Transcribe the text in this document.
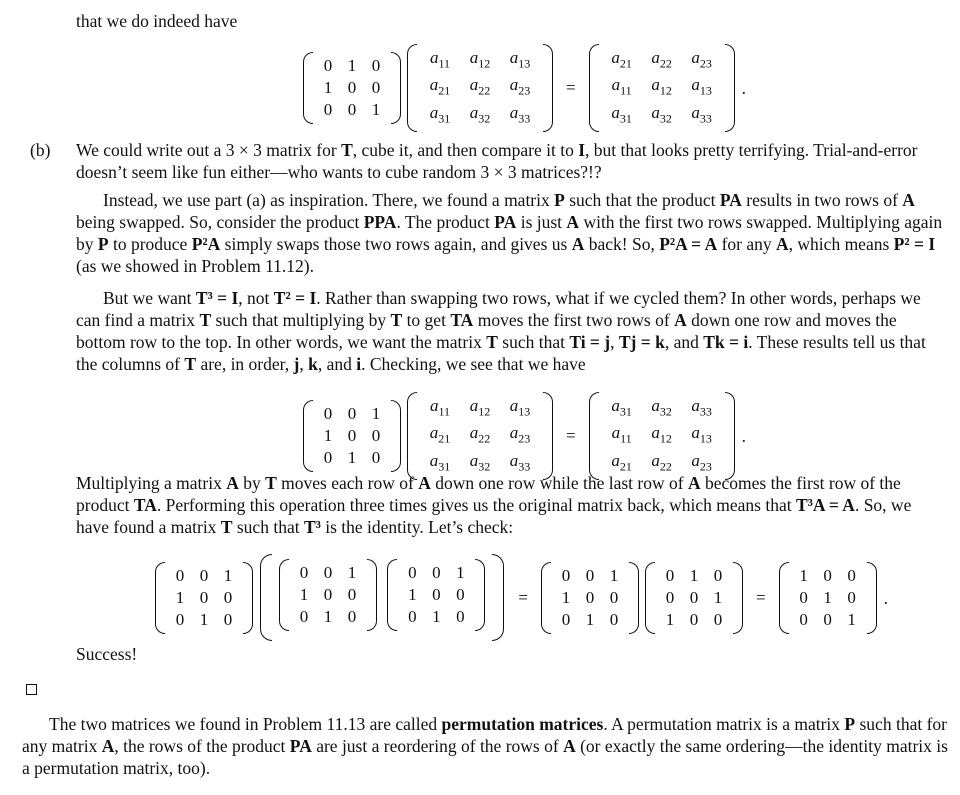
that we do indeed have

0	1	0
1	0	0
0	0	1
$a_{11}$	$a_{12}$	$a_{13}$
$a_{21}$	$a_{22}$	$a_{23}$
$a_{31}$	$a_{32}$	$a_{33}$
=
$a_{21}$	$a_{22}$	$a_{23}$
$a_{11}$	$a_{12}$	$a_{13}$
$a_{31}$	$a_{32}$	$a_{33}$
.
(b) We could write out a 3 × 3 matrix for T, cube it, and then compare it to I, but that looks pretty terrifying. Trial-and-error doesn’t seem like fun either—who wants to cube random 3 × 3 matrices?!?

Instead, we use part (a) as inspiration. There, we found a matrix P such that the product PA results in two rows of A being swapped. So, consider the product PPA. The product PA is just A with the first two rows swapped. Multiplying again by P to produce P²A simply swaps those two rows again, and gives us A back! So, P²A = A for any A, which means P² = I (as we showed in Problem 11.12).

But we want T³ = I, not T² = I. Rather than swapping two rows, what if we cycled them? In other words, perhaps we can find a matrix T such that multiplying by T to get TA moves the first two rows of A down one row and moves the bottom row to the top. In other words, we want the matrix T such that Ti = j, Tj = k, and Tk = i. These results tell us that the columns of T are, in order, j, k, and i. Checking, we see that we have

0	0	1
1	0	0
0	1	0
$a_{11}$	$a_{12}$	$a_{13}$
$a_{21}$	$a_{22}$	$a_{23}$
$a_{31}$	$a_{32}$	$a_{33}$
=
$a_{31}$	$a_{32}$	$a_{33}$
$a_{11}$	$a_{12}$	$a_{13}$
$a_{21}$	$a_{22}$	$a_{23}$
.

Multiplying a matrix A by T moves each row of A down one row while the last row of A becomes the first row of the product TA. Performing this operation three times gives us the original matrix back, which means that T³A = A. So, we have found a matrix T such that T³ is the identity. Let’s check:

0	0	1
1	0	0
0	1	0
0	0	1
1	0	0
0	1	0

0	0	1
1	0	0
0	1	0
=
0	0	1
1	0	0
0	1	0
0	1	0
0	0	1
1	0	0
=
1	0	0
0	1	0
0	0	1
.

Success!

The two matrices we found in Problem 11.13 are called permutation matrices. A permutation matrix is a matrix P such that for any matrix A, the rows of the product PA are just a reordering of the rows of A (or exactly the same ordering—the identity matrix is a permutation matrix, too).
